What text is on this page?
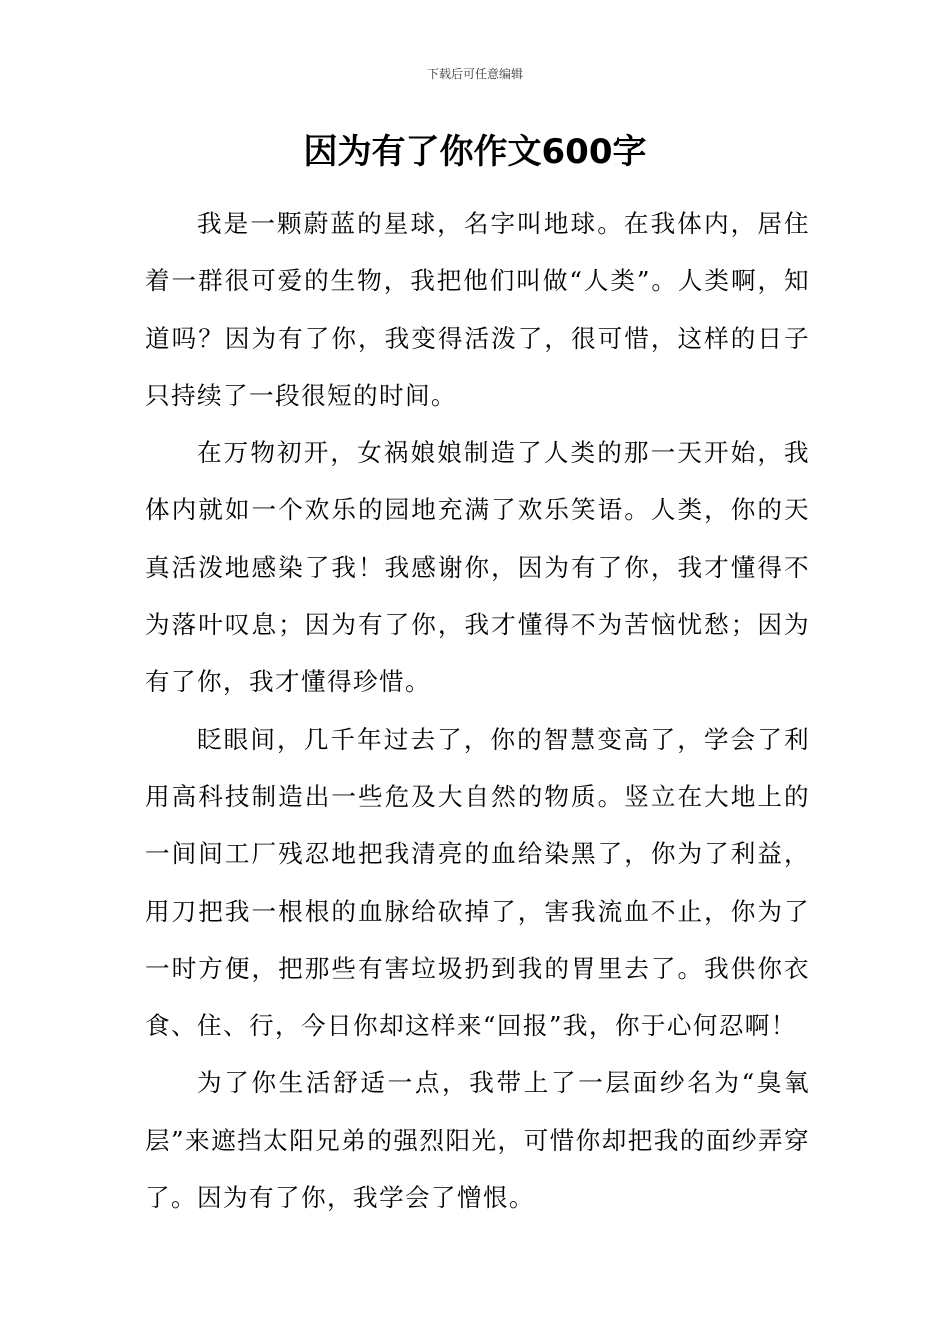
下载后可任意编辑
因为有了你作文600字

我是一颗蔚蓝的星球，名字叫地球。在我体内，居住着一群很可爱的生物，我把他们叫做“人类”。人类啊，知道吗？因为有了你，我变得活泼了，很可惜，这样的日子只持续了一段很短的时间。

在万物初开，女祸娘娘制造了人类的那一天开始，我体内就如一个欢乐的园地充满了欢乐笑语。人类，你的天真活泼地感染了我！我感谢你，因为有了你，我才懂得不为落叶叹息；因为有了你，我才懂得不为苦恼忧愁；因为有了你，我才懂得珍惜。

眨眼间，几千年过去了，你的智慧变高了，学会了利用高科技制造出一些危及大自然的物质。竖立在大地上的一间间工厂残忍地把我清亮的血给染黑了，你为了利益，用刀把我一根根的血脉给砍掉了，害我流血不止，你为了一时方便，把那些有害垃圾扔到我的胃里去了。我供你衣食、住、行，今日你却这样来“回报”我，你于心何忍啊！

为了你生活舒适一点，我带上了一层面纱名为“臭氧层”来遮挡太阳兄弟的强烈阳光，可惜你却把我的面纱弄穿了。因为有了你，我学会了憎恨。
